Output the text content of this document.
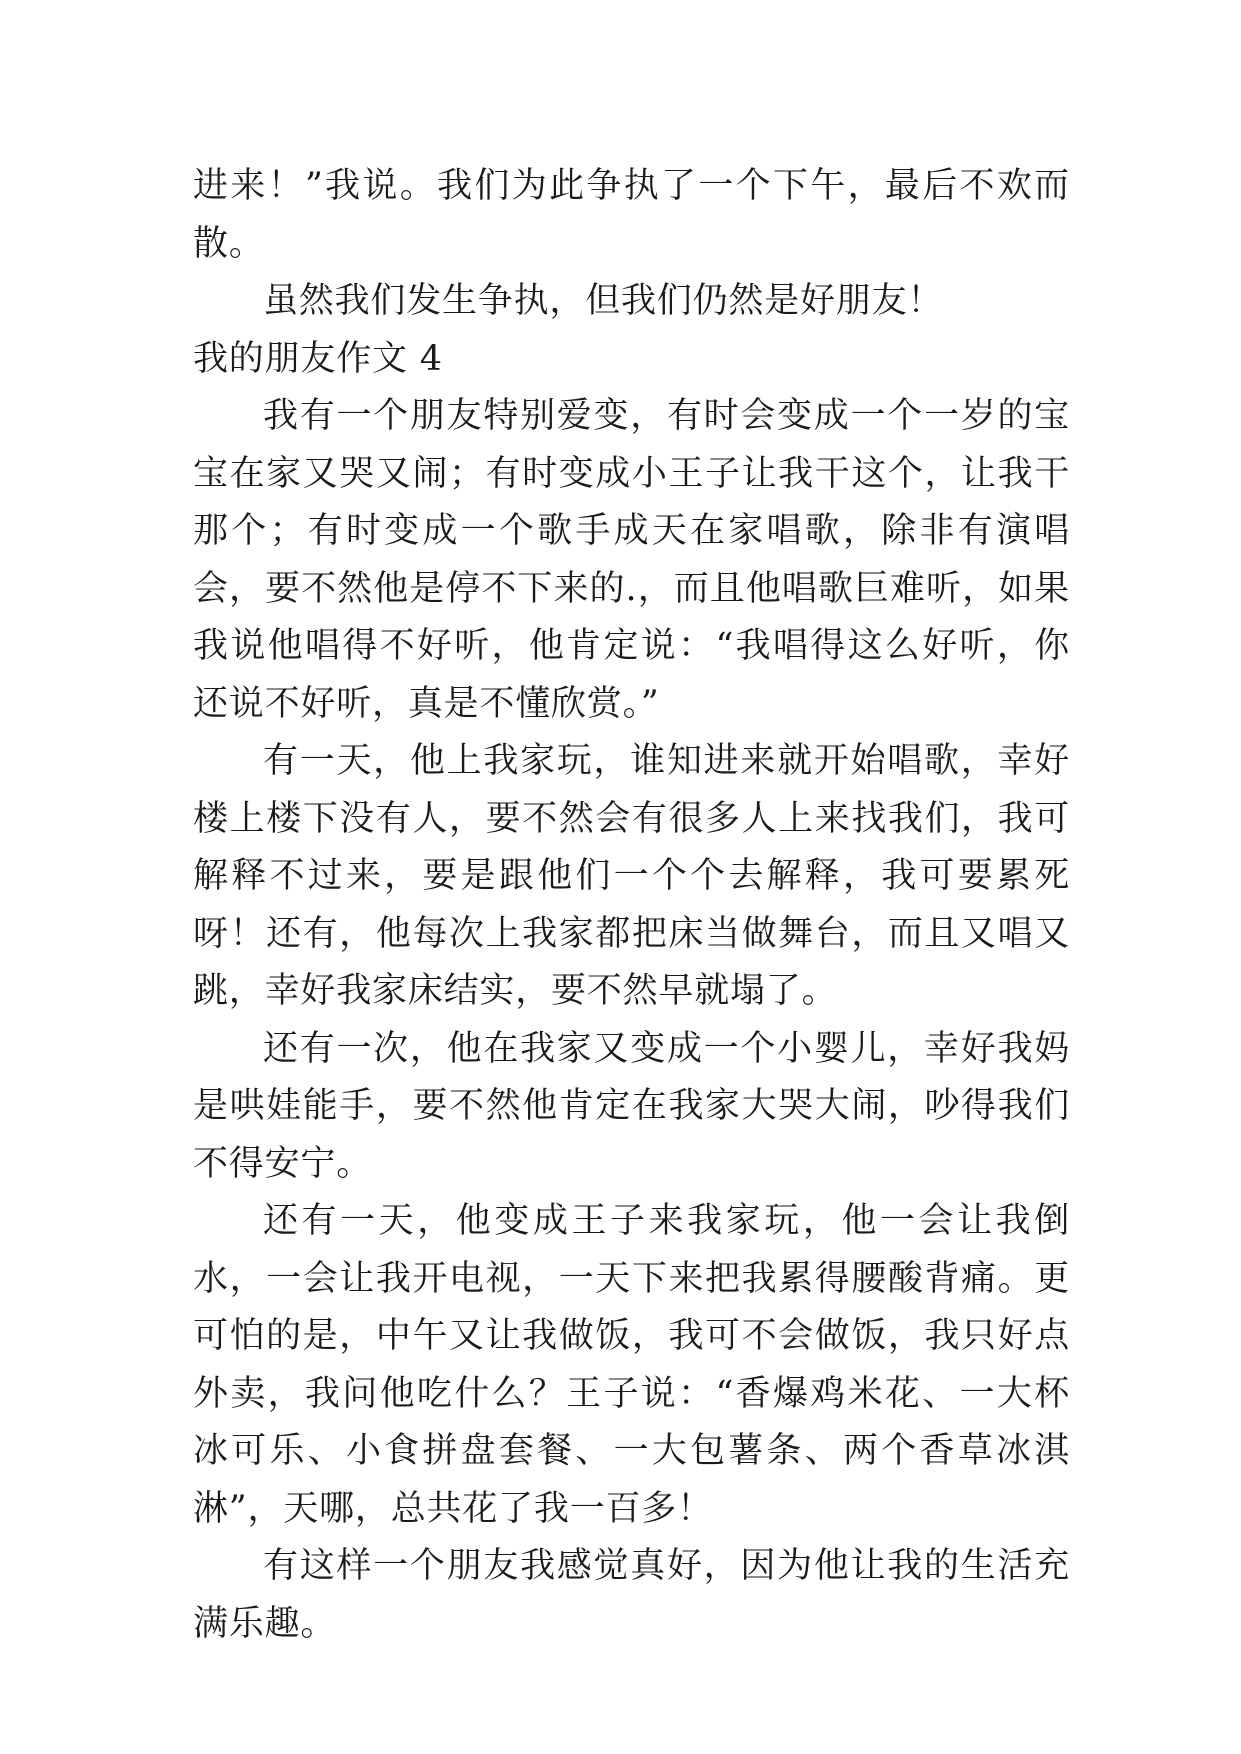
进来！”我说。我们为此争执了一个下午，最后不欢而散。

虽然我们发生争执，但我们仍然是好朋友！

我的朋友作文 4

我有一个朋友特别爱变，有时会变成一个一岁的宝宝在家又哭又闹；有时变成小王子让我干这个，让我干那个；有时变成一个歌手成天在家唱歌，除非有演唱会，要不然他是停不下来的.，而且他唱歌巨难听，如果我说他唱得不好听，他肯定说：“我唱得这么好听，你还说不好听，真是不懂欣赏。”

有一天，他上我家玩，谁知进来就开始唱歌，幸好楼上楼下没有人，要不然会有很多人上来找我们，我可解释不过来，要是跟他们一个个去解释，我可要累死呀！还有，他每次上我家都把床当做舞台，而且又唱又跳，幸好我家床结实，要不然早就塌了。

还有一次，他在我家又变成一个小婴儿，幸好我妈是哄娃能手，要不然他肯定在我家大哭大闹，吵得我们不得安宁。

还有一天，他变成王子来我家玩，他一会让我倒水，一会让我开电视，一天下来把我累得腰酸背痛。更可怕的是，中午又让我做饭，我可不会做饭，我只好点外卖，我问他吃什么？王子说：“香爆鸡米花、一大杯冰可乐、小食拼盘套餐、一大包薯条、两个香草冰淇淋”，天哪，总共花了我一百多！

有这样一个朋友我感觉真好，因为他让我的生活充满乐趣。
